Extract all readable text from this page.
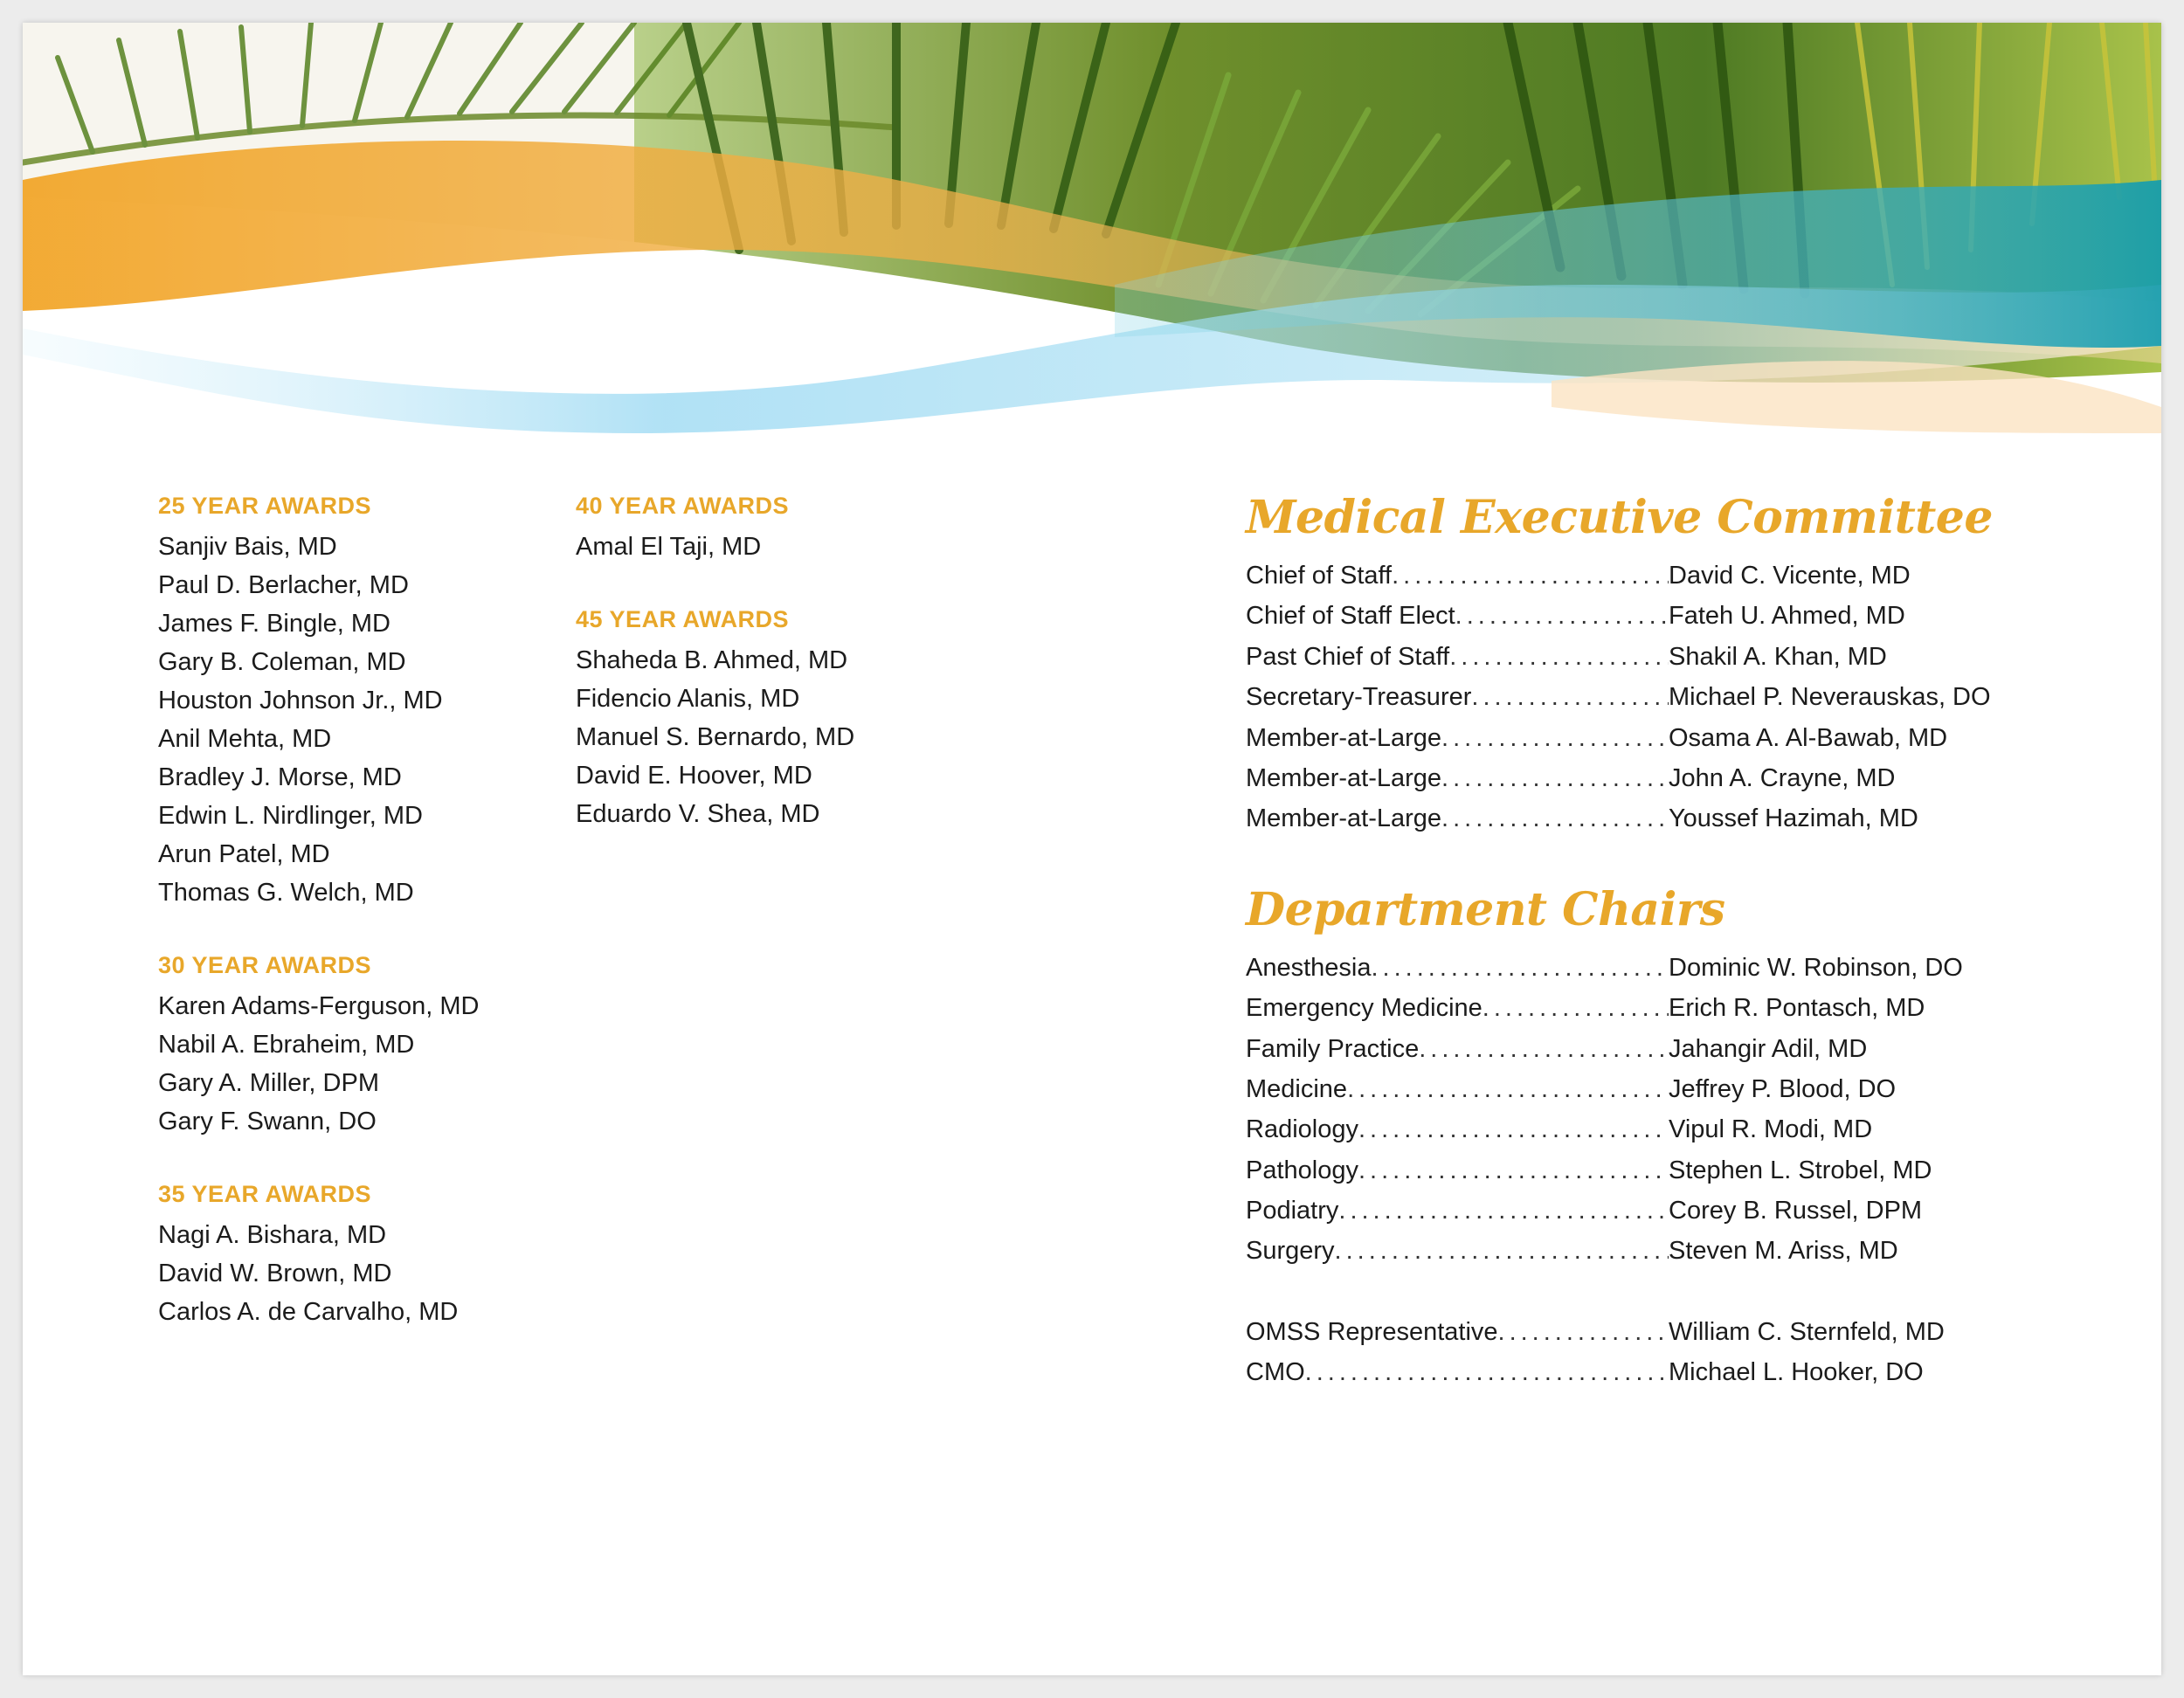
25 YEAR AWARDS
Sanjiv Bais, MD
Paul D. Berlacher, MD
James F. Bingle, MD
Gary B. Coleman, MD
Houston Johnson Jr., MD
Anil Mehta, MD
Bradley J. Morse, MD
Edwin L. Nirdlinger, MD
Arun Patel, MD
Thomas G. Welch, MD
30 YEAR AWARDS
Karen Adams-Ferguson, MD
Nabil A. Ebraheim, MD
Gary A. Miller, DPM
Gary F. Swann, DO
35 YEAR AWARDS
Nagi A. Bishara, MD
David W. Brown, MD
Carlos A. de Carvalho, MD
40 YEAR AWARDS
Amal El Taji, MD
45 YEAR AWARDS
Shaheda B. Ahmed, MD
Fidencio Alanis, MD
Manuel S. Bernardo, MD
David E. Hoover, MD
Eduardo V. Shea, MD
Medical Executive Committee
Chief of Staff .....	David C. Vicente, MD
Chief of Staff Elect .....	Fateh U. Ahmed, MD
Past Chief of Staff .....	Shakil A. Khan, MD
Secretary-Treasurer .....	Michael P. Neverauskas, DO
Member-at-Large .....	Osama A. Al-Bawab, MD
Member-at-Large .....	John A. Crayne, MD
Member-at-Large .....	Youssef Hazimah, MD
Department Chairs
Anesthesia .....	Dominic W. Robinson, DO
Emergency Medicine .....	Erich R. Pontasch, MD
Family Practice .....	Jahangir Adil, MD
Medicine .....	Jeffrey P. Blood, DO
Radiology .....	Vipul R. Modi, MD
Pathology .....	Stephen L. Strobel, MD
Podiatry .....	Corey B. Russel, DPM
Surgery .....	Steven M. Ariss, MD
OMSS Representative .....	William C. Sternfeld, MD
CMO .....	Michael L. Hooker, DO
